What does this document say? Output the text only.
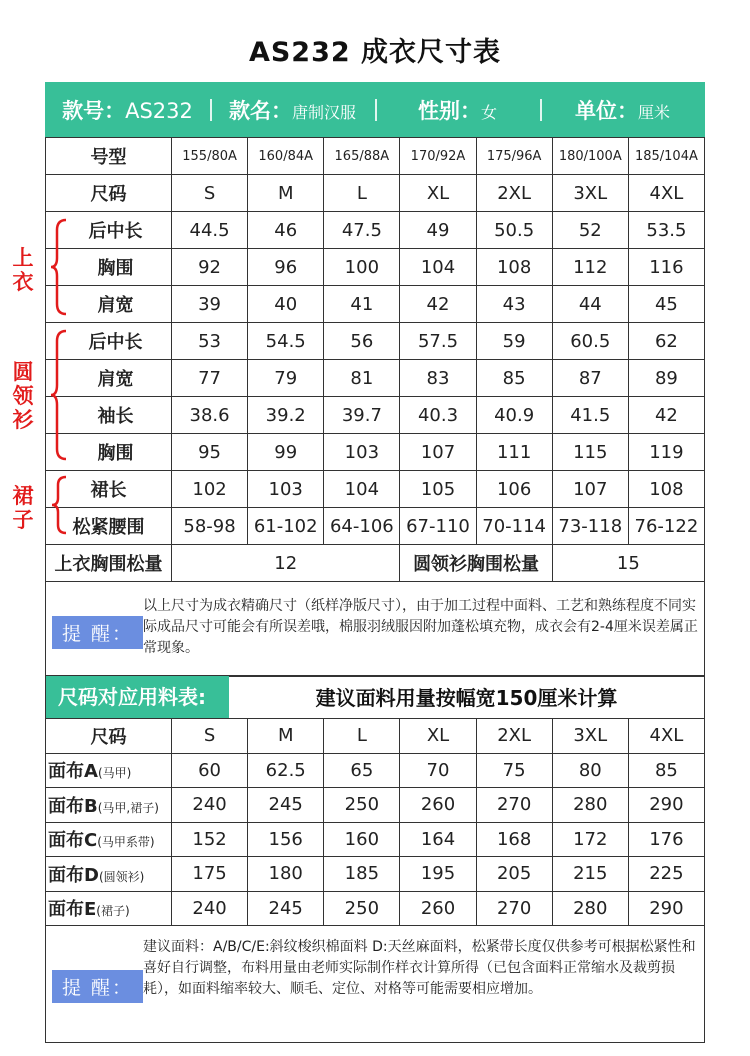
AS232 成衣尺寸表
款号：AS232	款名：唐制汉服	性别：女	单位：厘米
上衣
圆领衫
裙子
号型	155/80A	160/84A	165/88A	170/92A	175/96A	180/100A	185/104A
尺码	S	M	L	XL	2XL	3XL	4XL
后中长	44.5	46	47.5	49	50.5	52	53.5
胸围	92	96	100	104	108	112	116
肩宽	39	40	41	42	43	44	45
后中长	53	54.5	56	57.5	59	60.5	62
肩宽	77	79	81	83	85	87	89
袖长	38.6	39.2	39.7	40.3	40.9	41.5	42
胸围	95	99	103	107	111	115	119
裙长	102	103	104	105	106	107	108
松紧腰围	58-98	61-102	64-106	67-110	70-114	73-118	76-122
上衣胸围松量	12			圆领衫胸围松量		15	
提 醒：
以上尺寸为成衣精确尺寸（纸样净版尺寸），由于加工过程中面料、工艺和熟练程度不同实际成品尺寸可能会有所误差哦，棉服羽绒服因附加蓬松填充物，成衣会有2-4厘米误差属正常现象。
尺码对应用料表:	建议面料用量按幅宽150厘米计算
尺码	S	M	L	XL	2XL	3XL	4XL
面布A(马甲)	60	62.5	65	70	75	80	85
面布B(马甲,裙子)	240	245	250	260	270	280	290
面布C(马甲系带)	152	156	160	164	168	172	176
面布D(圆领衫)	175	180	185	195	205	215	225
面布E(裙子)	240	245	250	260	270	280	290
提 醒：
建议面料：A/B/C/E:斜纹梭织棉面料 D:天丝麻面料，松紧带长度仅供参考可根据松紧性和喜好自行调整，布料用量由老师实际制作样衣计算所得（已包含面料正常缩水及裁剪损耗），如面料缩率较大、顺毛、定位、对格等可能需要相应增加。
